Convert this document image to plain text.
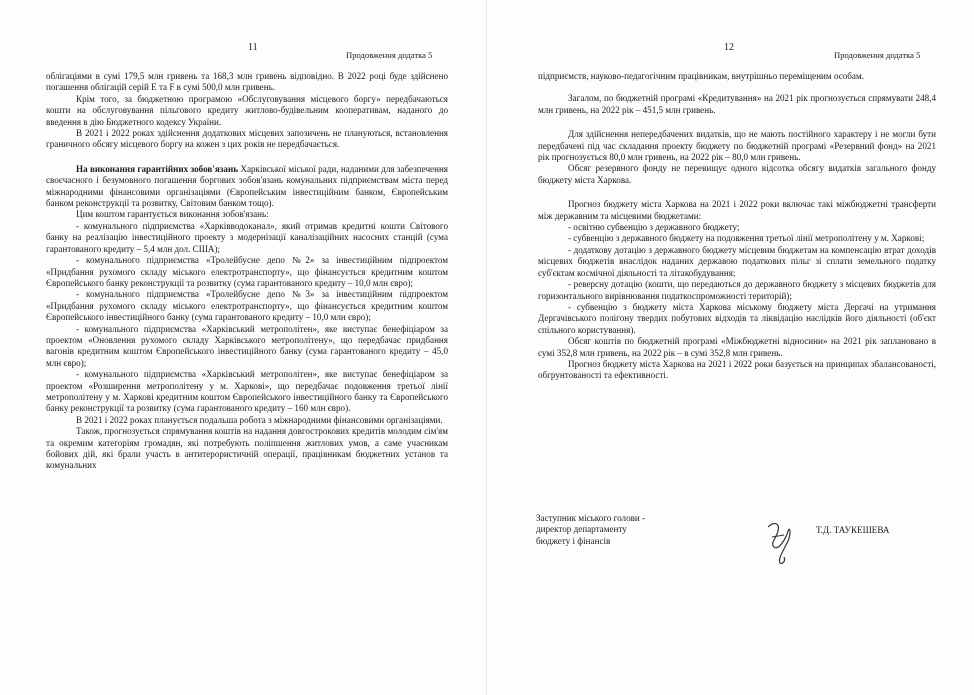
11
Продовження додатка 5

облігаціями в сумі 179,5 млн гривень та 168,3 млн гривень відповідно. В 2022 році буде здійснено погашення облігацій серій Е та F в сумі 500,0 млн гривень.

Крім того, за бюджетною програмою «Обслуговування місцевого боргу» передбачаються кошти на обслуговування пільгового кредиту житлово-будівельним кооперативам, наданого до введення в дію Бюджетного кодексу України.

В 2021 і 2022 роках здійснення додаткових місцевих запозичень не плануються, встановлення граничного обсягу місцевого боргу на кожен з цих років не передбачається.

На виконання гарантійних зобов'язань Харківської міської ради, наданими для забезпечення своєчасного і безумовного погашення боргових зобов'язань комунальних підприємствам міста перед міжнародними фінансовими організаціями (Європейським інвестиційним банком, Європейським банком реконструкції та розвитку, Світовим банком тощо).

Цим коштом гарантується виконання зобов'язань:

- комунального підприємства «Харківводоканал», який отримав кредитні кошти Світового банку на реалізацію інвестиційного проекту з модернізації каналізаційних насосних станцій (сума гарантованого кредиту – 5,4 млн дол. США);

- комунального підприємства «Тролейбусне депо №2» за інвестиційним підпроектом «Придбання рухомого складу міського електротранспорту», що фінансується кредитним коштом Європейського банку реконструкції та розвитку (сума гарантованого кредиту – 10,0 млн євро);

- комунального підприємства «Тролейбусне депо №3» за інвестиційним підпроектом «Придбання рухомого складу міського електротранспорту», що фінансується кредитним коштом Європейського інвестиційного банку (сума гарантованого кредиту – 10,0 млн євро);

- комунального підприємства «Харківський метрополітен», яке виступає бенефіціаром за проектом «Оновлення рухомого складу Харківського метрополітену», що передбачає придбання вагонів кредитним коштом Європейського інвестиційного банку (сума гарантованого кредиту – 45,0 млн євро);

- комунального підприємства «Харківський метрополітен», яке виступає бенефіціаром за проектом «Розширення метрополітену у м. Харкові», що передбачає подовження третьої лінії метрополітену у м. Харкові кредитним коштом Європейського інвестиційного банку та Європейського банку реконструкції та розвитку (сума гарантованого кредиту – 160 млн євро).

В 2021 і 2022 роках планується подальша робота з міжнародними фінансовими організаціями.

Також, прогнозується спрямування коштів на надання довгострокових кредитів молодим сім'ям та окремим категоріям громадян, які потребують поліпшення житлових умов, а саме учасникам бойових дій, які брали участь в антитерористичній операції, працівникам бюджетних установ та комунальних

12
Продовження додатка 5

підприємств, науково-педагогічним працівникам, внутрішньо переміщеним особам.

Загалом, по бюджетній програмі «Кредитування» на 2021 рік прогнозується спрямувати 248,4 млн гривень, на 2022 рік – 451,5 млн гривень.

Для здійснення непередбачених видатків, що не мають постійного характеру і не могли бути передбачені під час складання проекту бюджету по бюджетній програмі «Резервний фонд» на 2021 рік прогнозується 80,0 млн гривень, на 2022 рік – 80,0 млн гривень.

Обсяг резервного фонду не перевищує одного відсотка обсягу видатків загального фонду бюджету міста Харкова.

Прогноз бюджету міста Харкова на 2021 і 2022 роки включає такі міжбюджетні трансферти між державним та місцевими бюджетами:

- освітню субвенцію з державного бюджету;

- субвенцію з державного бюджету на подовження третьої лінії метрополітену у м. Харкові;

- додаткову дотацію з державного бюджету місцевим бюджетам на компенсацію втрат доходів місцевих бюджетів внаслідок наданих державою податкових пільг зі сплати земельного податку суб'єктам космічної діяльності та літакобудування;

- реверсну дотацію (кошти, що передаються до державного бюджету з місцевих бюджетів для горизонтального вирівнювання податкоспроможності територій);

- субвенцію з бюджету міста Харкова міському бюджету міста Дергачі на утримання Дергачівського полігону твердих побутових відходів та ліквідацію наслідків його діяльності (об'єкт спільного користування).

Обсяг коштів по бюджетній програмі «Міжбюджетні відносини» на 2021 рік заплановано в сумі 352,8 млн гривень, на 2022 рік – в сумі 352,8 млн гривень.

Прогноз бюджету міста Харкова на 2021 і 2022 роки базується на принципах збалансованості, обгрунтованості та ефективності.

Заступник міського голови -

директор департаменту

бюджету і фінансів

Т.Д. ТАУКЕШЕВА
